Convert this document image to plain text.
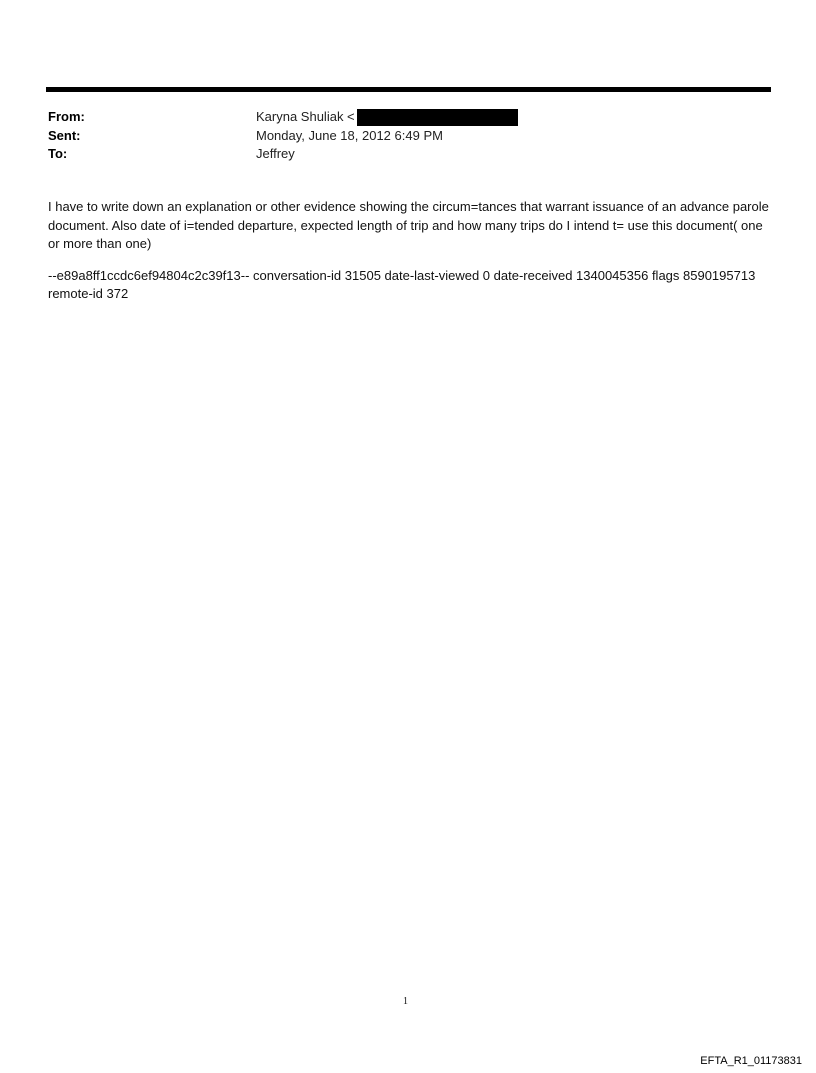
From:	Karyna Shuliak <
Sent:	Monday, June 18, 2012 6:49 PM
To:	Jeffrey

I have to write down an explanation or other evidence showing the circum=tances that warrant issuance of an advance parole document. Also date of i=tended departure, expected length of trip and how many trips do I intend t= use this document( one or more than one)

--e89a8ff1ccdc6ef94804c2c39f13-- conversation-id 31505 date-last-viewed 0 date-received 1340045356 flags 8590195713 remote-id 372

1
EFTA_R1_01173831
